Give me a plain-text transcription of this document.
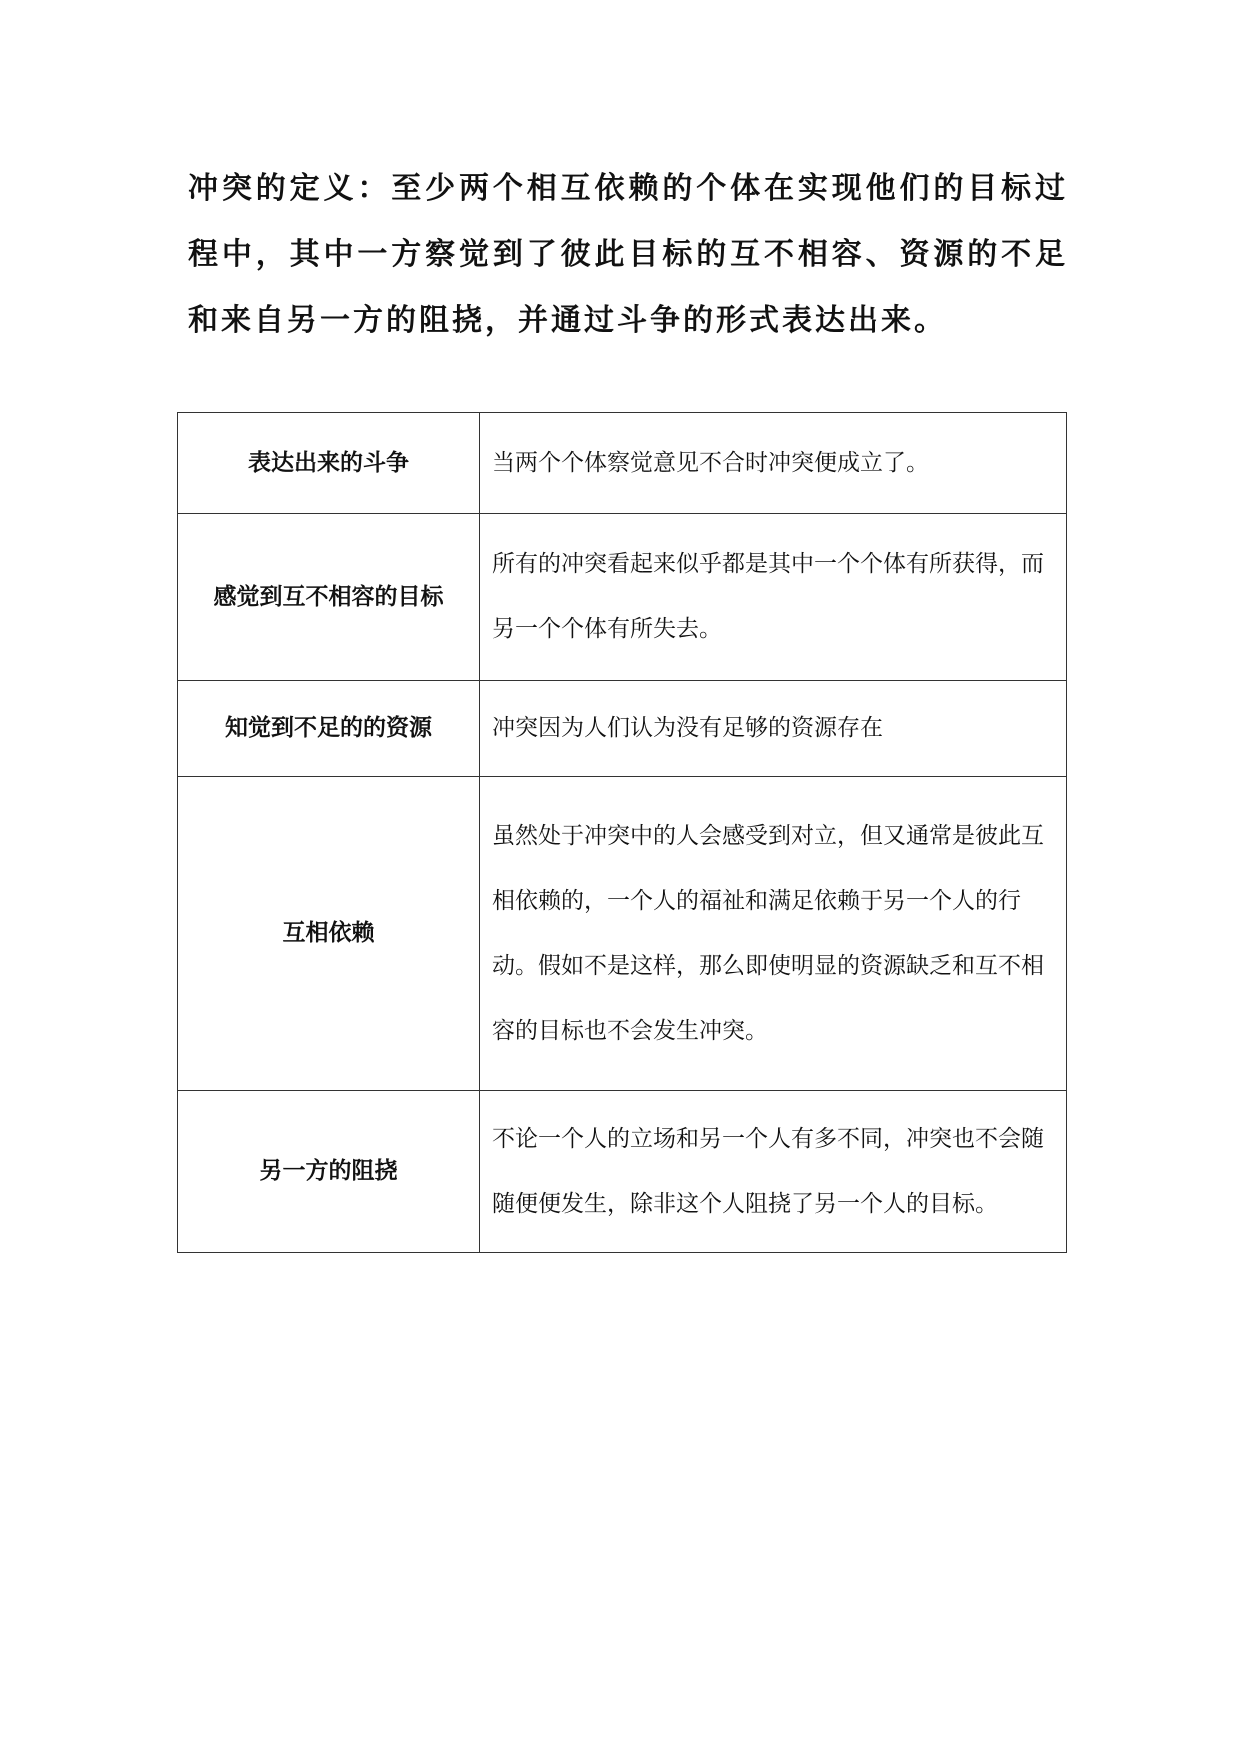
冲突的定义：至少两个相互依赖的个体在实现他们的目标过程中，其中一方察觉到了彼此目标的互不相容、资源的不足和来自另一方的阻挠，并通过斗争的形式表达出来。

表达出来的斗争	当两个个体察觉意见不合时冲突便成立了。
感觉到互不相容的目标	所有的冲突看起来似乎都是其中一个个体有所获得，而另一个个体有所失去。
知觉到不足的的资源	冲突因为人们认为没有足够的资源存在
互相依赖	虽然处于冲突中的人会感受到对立，但又通常是彼此互相依赖的，一个人的福祉和满足依赖于另一个人的行动。假如不是这样，那么即使明显的资源缺乏和互不相容的目标也不会发生冲突。
另一方的阻挠	不论一个人的立场和另一个人有多不同，冲突也不会随随便便发生，除非这个人阻挠了另一个人的目标。
